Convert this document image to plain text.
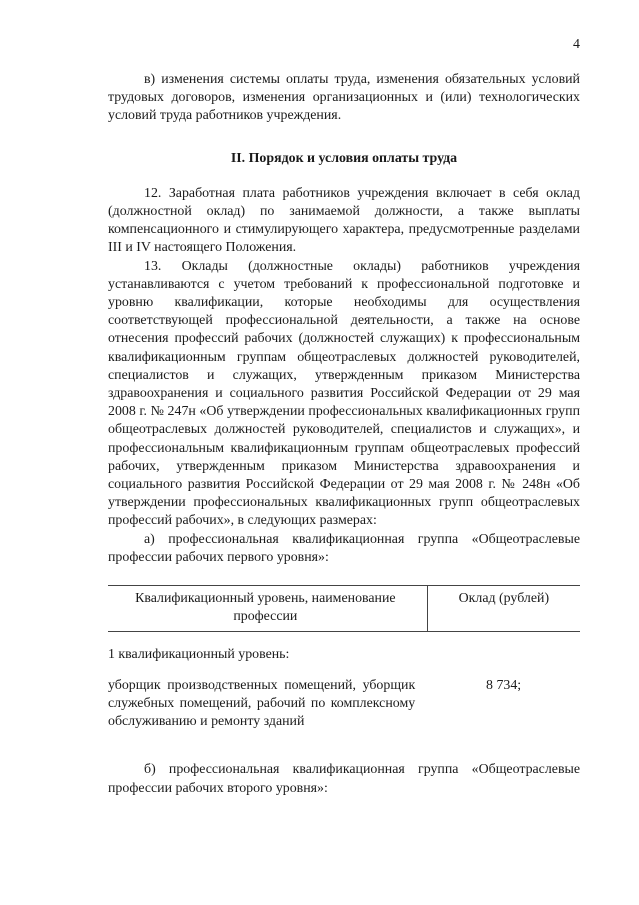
4

в) изменения системы оплаты труда, изменения обязательных условий трудовых договоров, изменения организационных и (или) технологических условий труда работников учреждения.

II. Порядок и условия оплаты труда

12. Заработная плата работников учреждения включает в себя оклад (должностной оклад) по занимаемой должности, а также выплаты компенсационного и стимулирующего характера, предусмотренные разделами III и IV настоящего Положения.

13. Оклады (должностные оклады) работников учреждения устанавливаются с учетом требований к профессиональной подготовке и уровню квалификации, которые необходимы для осуществления соответствующей профессиональной деятельности, а также на основе отнесения профессий рабочих (должностей служащих) к профессиональным квалификационным группам общеотраслевых должностей руководителей, специалистов и служащих, утвержденным приказом Министерства здравоохранения и социального развития Российской Федерации от 29 мая 2008 г. № 247н «Об утверждении профессиональных квалификационных групп общеотраслевых должностей руководителей, специалистов и служащих», и профессиональным квалификационным группам общеотраслевых профессий рабочих, утвержденным приказом Министерства здравоохранения и социального развития Российской Федерации от 29 мая 2008 г. № 248н «Об утверждении профессиональных квалификационных групп общеотраслевых профессий рабочих», в следующих размерах:

а) профессиональная квалификационная группа «Общеотраслевые профессии рабочих первого уровня»:

Квалификационный уровень, наименование профессии	Оклад (рублей)
1 квалификационный уровень:	
уборщик производственных помещений, уборщик служебных помещений, рабочий по комплексному обслуживанию и ремонту зданий	8 734;

б) профессиональная квалификационная группа «Общеотраслевые профессии рабочих второго уровня»:
